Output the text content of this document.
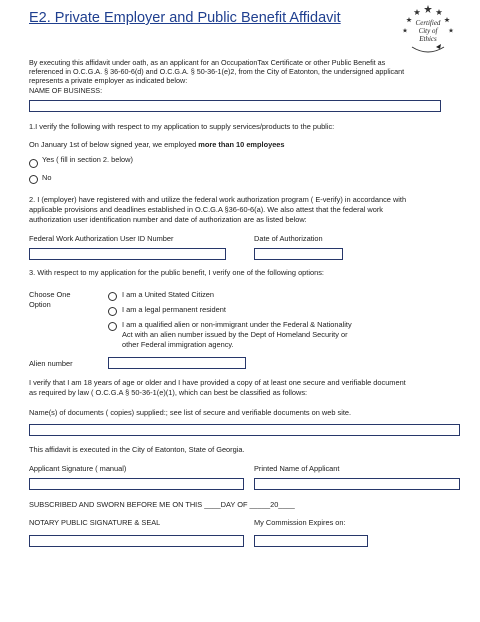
E2. Private Employer and Public Benefit Affidavit	Certified
City of
Ethics
By executing this affidavit under oath, as an applicant for an OccupationTax Certificate or other Public Benefit as
referenced in O.C.G.A. § 36-60-6(d) and O.C.G.A. § 50-36-1(e)2, from the City of Eatonton, the undersigned applicant
represents a private employer as indicated below:
NAME OF BUSINESS:
1.I verify the following with respect to my application to supply services/products to the public:
On January 1st of below signed year, we employed more than 10 employees
Yes ( fill in section 2. below)
No
2. I (employer) have registered with and utilize the federal work authorization program ( E-verify) in accordance with
applicable provisions and deadlines established in O.C.G.A §36-60-6(a). We also attest that the federal work
authorization user identification number and date of authorization are as listed below:
Federal Work Authorization User ID Number	Date of Authorization
3. With respect to my application for the public benefit, I verify one of the following options:
Choose One
Option
I am a United Stated Citizen
I am a legal permanent resident
I am a qualified alien or non-immigrant under the Federal & Nationality
Act with an alien number issued by the Dept of Homeland Security or
other Federal immigration agency.
Alien number
I verify that I am 18 years of age or older and I have provided a copy of at least one secure and verifiable document
as required by law ( O.C.G.A § 50-36-1(e)(1), which can best be classified as follows:
Name(s) of documents ( copies) supplied:; see list of secure and verifiable documents on web site.
This affidavit is executed in the City of Eatonton, State of Georgia.
Applicant Signature ( manual)	Printed Name of Applicant
SUBSCRIBED AND SWORN BEFORE ME ON THIS ____DAY OF _____20____
NOTARY PUBLIC SIGNATURE & SEAL	My Commission Expires on:
